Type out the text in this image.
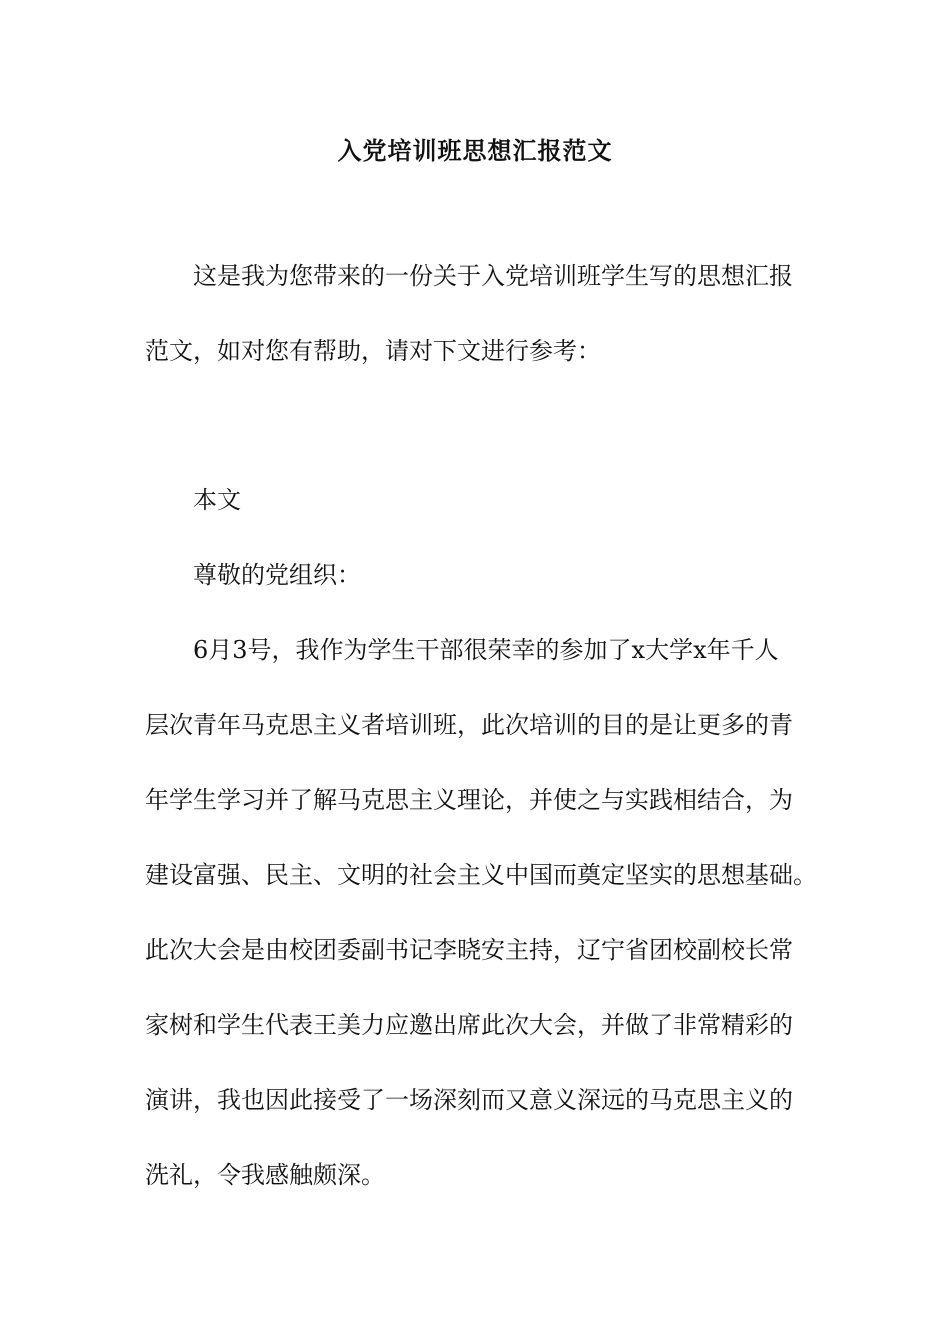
入党培训班思想汇报范文
这是我为您带来的一份关于入党培训班学生写的思想汇报
范文，如对您有帮助，请对下文进行参考：
本文
尊敬的党组织：
6月3号，我作为学生干部很荣幸的参加了x大学x年千人
层次青年马克思主义者培训班，此次培训的目的是让更多的青
年学生学习并了解马克思主义理论，并使之与实践相结合，为
建设富强、民主、文明的社会主义中国而奠定坚实的思想基础。
此次大会是由校团委副书记李晓安主持，辽宁省团校副校长常
家树和学生代表王美力应邀出席此次大会，并做了非常精彩的
演讲，我也因此接受了一场深刻而又意义深远的马克思主义的
洗礼，令我感触颇深。
